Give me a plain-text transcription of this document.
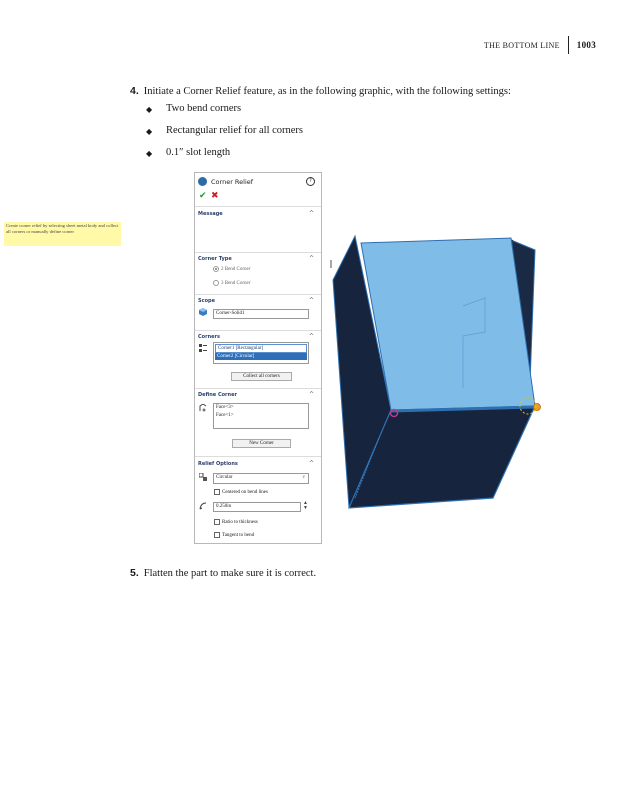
THE BOTTOM LINE 1003
4. Initiate a Corner Relief feature, as in the following graphic, with the following settings:
◆	Two bend corners
◆	Rectangular relief for all corners
◆	0.1″ slot length
Corner Relief	?
✔ ✖
Message	^
Corner Type	^
Scope	^
Corners	^
Define Corner	^
Relief Options	^
Create corner relief by selecting sheet metal body and collect all corners or manually define corner
2 Bend Corner
3 Bend Corner
Corner-Solid1
Corner1 [Rectangular]
Corner2 [Circular]
Collect all corners
Face<3>
Face<1>
New Corner
Circular	v
Centered on bend lines
0.250in
▲
▼
Ratio to thickness
Tangent to bend
5. Flatten the part to make sure it is correct.
